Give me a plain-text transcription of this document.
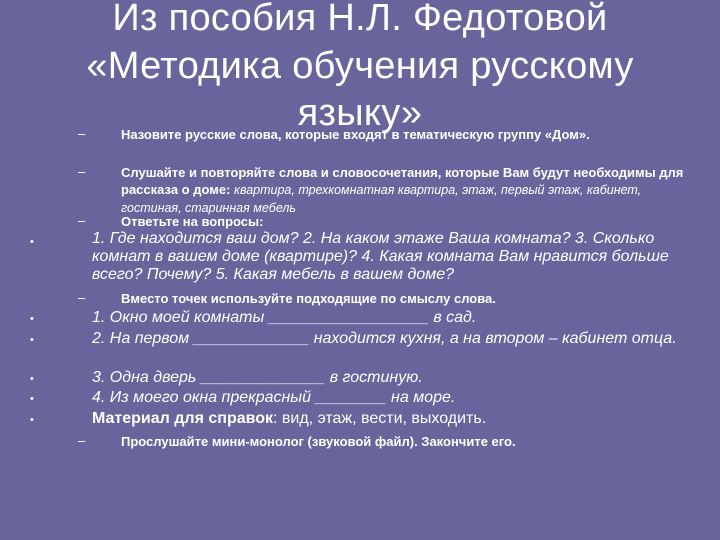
Из пособия Н.Л. Федотовой
«Методика обучения русскому
языку»
–	Назовите русские слова, которые входят в тематическую группу «Дом».
–	Слушайте и повторяйте слова и словосочетания, которые Вам будут необходимы для рассказа о доме: квартира, трехкомнатная квартира, этаж, первый этаж, кабинет, гостиная, старинная мебель
–	Ответьте на вопросы:
•	1. Где находится ваш дом? 2. На каком этаже Ваша комната? 3. Сколько комнат в вашем доме (квартире)? 4. Какая комната Вам нравится больше всего? Почему? 5. Какая мебель в вашем доме?
–	Вместо точек используйте подходящие по смыслу слова.
•	1. Окно моей комнаты __________________ в сад.
•	2. На первом _____________ находится кухня, а на втором – кабинет отца.
•	3. Одна дверь ______________ в гостиную.
•	4. Из моего окна прекрасный ________ на море.
•	Материал для справок: вид, этаж, вести, выходить.
–	Прослушайте мини-монолог (звуковой файл). Закончите его.
